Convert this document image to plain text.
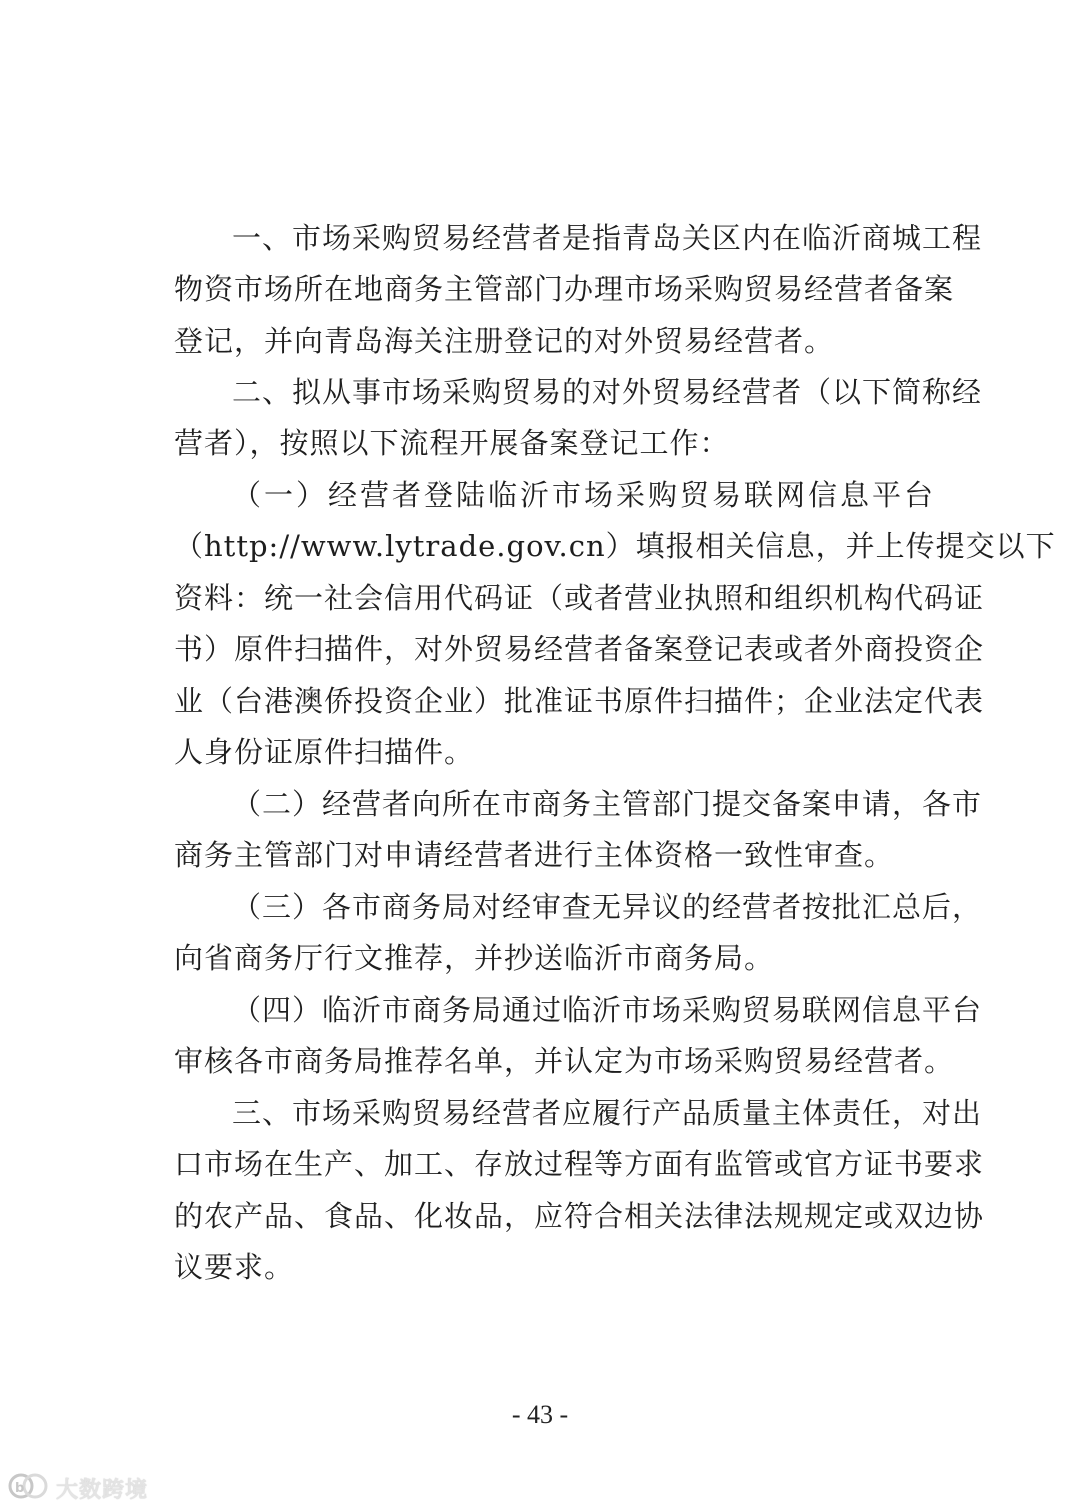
一、市场采购贸易经营者是指青岛关区内在临沂商城工程
物资市场所在地商务主管部门办理市场采购贸易经营者备案
登记，并向青岛海关注册登记的对外贸易经营者。
二、拟从事市场采购贸易的对外贸易经营者（以下简称经
营者），按照以下流程开展备案登记工作：
（一）经营者登陆临沂市场采购贸易联网信息平台
（http://www.lytrade.gov.cn）填报相关信息，并上传提交以下
资料：统一社会信用代码证（或者营业执照和组织机构代码证
书）原件扫描件，对外贸易经营者备案登记表或者外商投资企
业（台港澳侨投资企业）批准证书原件扫描件；企业法定代表
人身份证原件扫描件。
（二）经营者向所在市商务主管部门提交备案申请，各市
商务主管部门对申请经营者进行主体资格一致性审查。
（三）各市商务局对经审查无异议的经营者按批汇总后，
向省商务厅行文推荐，并抄送临沂市商务局。
（四）临沂市商务局通过临沂市场采购贸易联网信息平台
审核各市商务局推荐名单，并认定为市场采购贸易经营者。
三、市场采购贸易经营者应履行产品质量主体责任，对出
口市场在生产、加工、存放过程等方面有监管或官方证书要求
的农产品、食品、化妆品，应符合相关法律法规规定或双边协
议要求。
- 43 -
b 大数跨境
